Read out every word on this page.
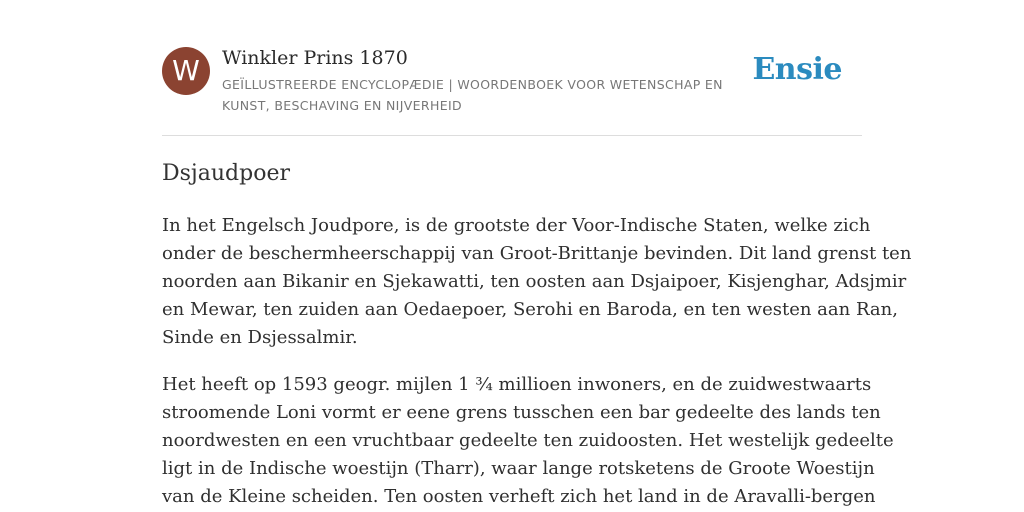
W	Winkler Prins 1870
GEÏLLUSTREERDE ENCYCLOPÆDIE | WOORDENBOEK VOOR WETENSCHAP EN KUNST, BESCHAVING EN NIJVERHEID
Ensie
Dsjaudpoer

In het Engelsch Joudpore, is de grootste der Voor-Indische Staten, welke zich
onder de beschermheerschappij van Groot-Brittanje bevinden. Dit land grenst ten
noorden aan Bikanir en Sjekawatti, ten oosten aan Dsjaipoer, Kisjenghar, Adsjmir
en Mewar, ten zuiden aan Oedaepoer, Serohi en Baroda, en ten westen aan Ran,
Sinde en Dsjessalmir.

Het heeft op 1593 geogr. mijlen 1 ¾ millioen inwoners, en de zuidwestwaarts
stroomende Loni vormt er eene grens tusschen een bar gedeelte des lands ten
noordwesten en een vruchtbaar gedeelte ten zuidoosten. Het westelijk gedeelte
ligt in de Indische woestijn (Tharr), waar lange rotsketens de Groote Woestijn
van de Kleine scheiden. Ten oosten verheft zich het land in de Aravalli-bergen
